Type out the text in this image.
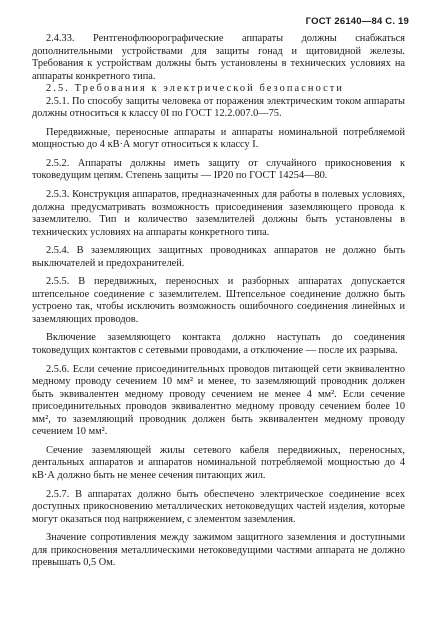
ГОСТ 26140—84 С. 19

2.4.33. Рентгенофлюорографические аппараты должны снабжаться дополнительными устройствами для защиты гонад и щитовидной железы. Требования к устройствам должны быть установлены в технических условиях на аппараты конкретного типа.

2.5. Требования к электрической безопасности

2.5.1. По способу защиты человека от поражения электрическим током аппараты должны относиться к классу 0I по ГОСТ 12.2.007.0—75.

Передвижные, переносные аппараты и аппараты номинальной потребляемой мощностью до 4 кВ·А могут относиться к классу I.

2.5.2. Аппараты должны иметь защиту от случайного прикосновения к токоведущим цепям. Степень защиты — IP20 по ГОСТ 14254—80.

2.5.3. Конструкция аппаратов, предназначенных для работы в полевых условиях, должна предусматривать возможность присоединения заземляющего провода к заземлителю. Тип и количество заземлителей должны быть установлены в технических условиях на аппараты конкретного типа.

2.5.4. В заземляющих защитных проводниках аппаратов не должно быть выключателей и предохранителей.

2.5.5. В передвижных, переносных и разборных аппаратах допускается штепсельное соединение с заземлителем. Штепсельное соединение должно быть устроено так, чтобы исключить возможность ошибочного соединения линейных и заземляющих проводов.

Включение заземляющего контакта должно наступать до соединения токоведущих контактов с сетевыми проводами, а отключение — после их разрыва.

2.5.6. Если сечение присоединительных проводов питающей сети эквивалентно медному проводу сечением 10 мм² и менее, то заземляющий проводник должен быть эквивалентен медному проводу сечением не менее 4 мм². Если сечение присоединительных проводов эквивалентно медному проводу сечением более 10 мм², то заземляющий проводник должен быть эквивалентен медному проводу сечением 10 мм².

Сечение заземляющей жилы сетевого кабеля передвижных, переносных, дентальных аппаратов и аппаратов номинальной потребляемой мощностью до 4 кВ·А должно быть не менее сечения питающих жил.

2.5.7. В аппаратах должно быть обеспечено электрическое соединение всех доступных прикосновению металлических нетоковедущих частей изделия, которые могут оказаться под напряжением, с элементом заземления.

Значение сопротивления между зажимом защитного заземления и доступными для прикосновения металлическими нетоковедущими частями аппарата не должно превышать 0,5 Ом.
